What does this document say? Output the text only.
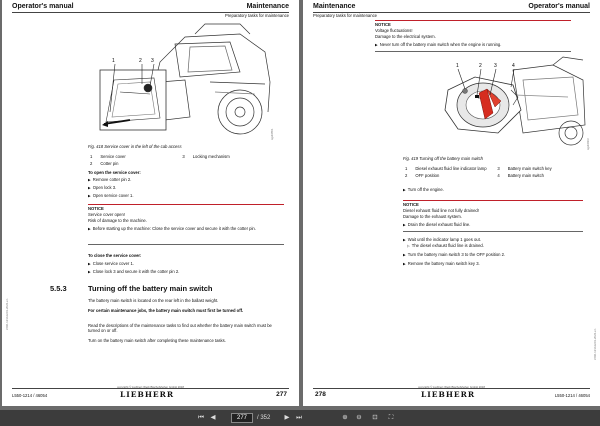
Operator's manual	Maintenance
Preparatory tasks for maintenance
1	2 3
sgdh85/1
Fig. 418 Service cover in the left of the cab access
1	Service cover	3	Locking mechanism
2	Cotter pin		
To open the service cover:
▶ Remove cotter pin 2.
▶ Open lock 3.
▶ Open service cover 1.
NOTICE
Service cover open!
Risk of damage to the machine.
▶ Before starting up the machine: Close the service cover and secure it with the cotter pin.
To close the service cover:
▶ Close service cover 1.
▶ Close lock 3 and secure it with the cotter pin 2.
5.5.3	Turning off the battery main switch
The battery main switch is located on the rear left in the ballast weight.
For certain maintenance jobs, the battery main switch must first be turned off.
Read the descriptions of the maintenance tasks to find out whether the battery main switch must be turned on or off.
Turn on the battery main switch after completing these maintenance tasks.
L586-1214-E/01-2022-en
copyright © Liebherr-Werk Bischofshofen GmbH 2018
L550-1214 / 46054	LIEBHERR	277
Maintenance	Operator's manual
Preparatory tasks for maintenance
NOTICE
Voltage fluctuations!
Damage to the electrical system.
▶ Never turn off the battery main switch when the engine is running.
1	2 3	4
sgdh83/3
Fig. 419 Turning off the battery main switch
1	Diesel exhaust fluid line indicator lamp	3	Battery main switch key
2	OFF position	4	Battery main switch
▶ Turn off the engine.
NOTICE
Diesel exhaust fluid line not fully drained!
Damage to the exhaust system.
▶ Drain the diesel exhaust fluid line.
▶ Wait until the indicator lamp 1 goes out.
▷ The diesel exhaust fluid line is drained.
▶ Turn the battery main switch 3 to the OFF position 2.
▶ Remove the battery main switch key 3.
L586-1214-E/01-2022-en
copyright © Liebherr-Werk Bischofshofen GmbH 2018
278	LIEBHERR	L550-1214 / 46054
⏮	◀	277	/ 352	▶	⏭	⊕	⊖	⊡	⛶
